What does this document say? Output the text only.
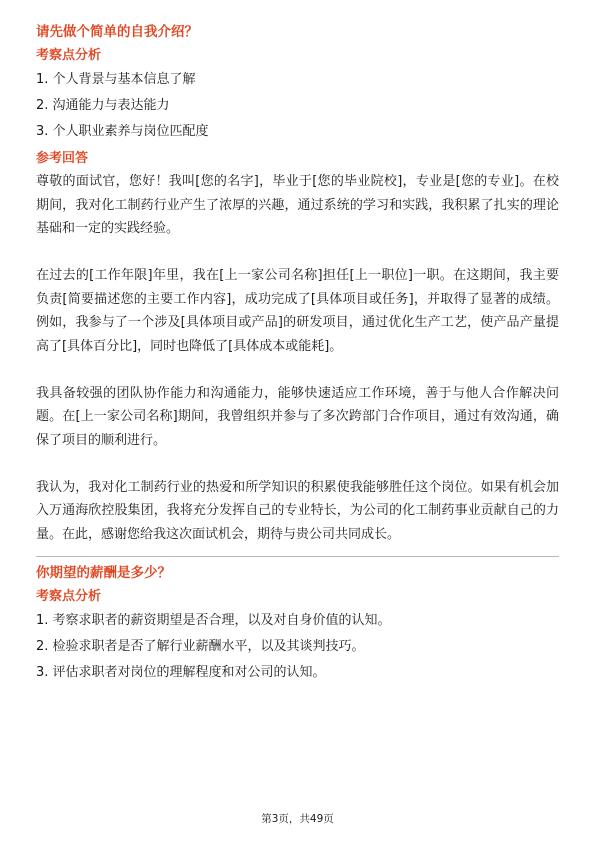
请先做个简单的自我介绍？
考察点分析
1. 个人背景与基本信息了解
2. 沟通能力与表达能力
3. 个人职业素养与岗位匹配度
参考回答

尊敬的面试官，您好！我叫[您的名字]，毕业于[您的毕业院校]，专业是[您的专业]。在校期间，我对化工制药行业产生了浓厚的兴趣，通过系统的学习和实践，我积累了扎实的理论基础和一定的实践经验。

在过去的[工作年限]年里，我在[上一家公司名称]担任[上一职位]一职。在这期间，我主要负责[简要描述您的主要工作内容]，成功完成了[具体项目或任务]，并取得了显著的成绩。例如，我参与了一个涉及[具体项目或产品]的研发项目，通过优化生产工艺，使产品产量提高了[具体百分比]，同时也降低了[具体成本或能耗]。

我具备较强的团队协作能力和沟通能力，能够快速适应工作环境，善于与他人合作解决问题。在[上一家公司名称]期间，我曾组织并参与了多次跨部门合作项目，通过有效沟通，确保了项目的顺利进行。

我认为，我对化工制药行业的热爱和所学知识的积累使我能够胜任这个岗位。如果有机会加入万通海欣控股集团，我将充分发挥自己的专业特长，为公司的化工制药事业贡献自己的力量。在此，感谢您给我这次面试机会，期待与贵公司共同成长。

你期望的薪酬是多少？
考察点分析
1. 考察求职者的薪资期望是否合理，以及对自身价值的认知。
2. 检验求职者是否了解行业薪酬水平，以及其谈判技巧。
3. 评估求职者对岗位的理解程度和对公司的认知。
第3页，共49页
